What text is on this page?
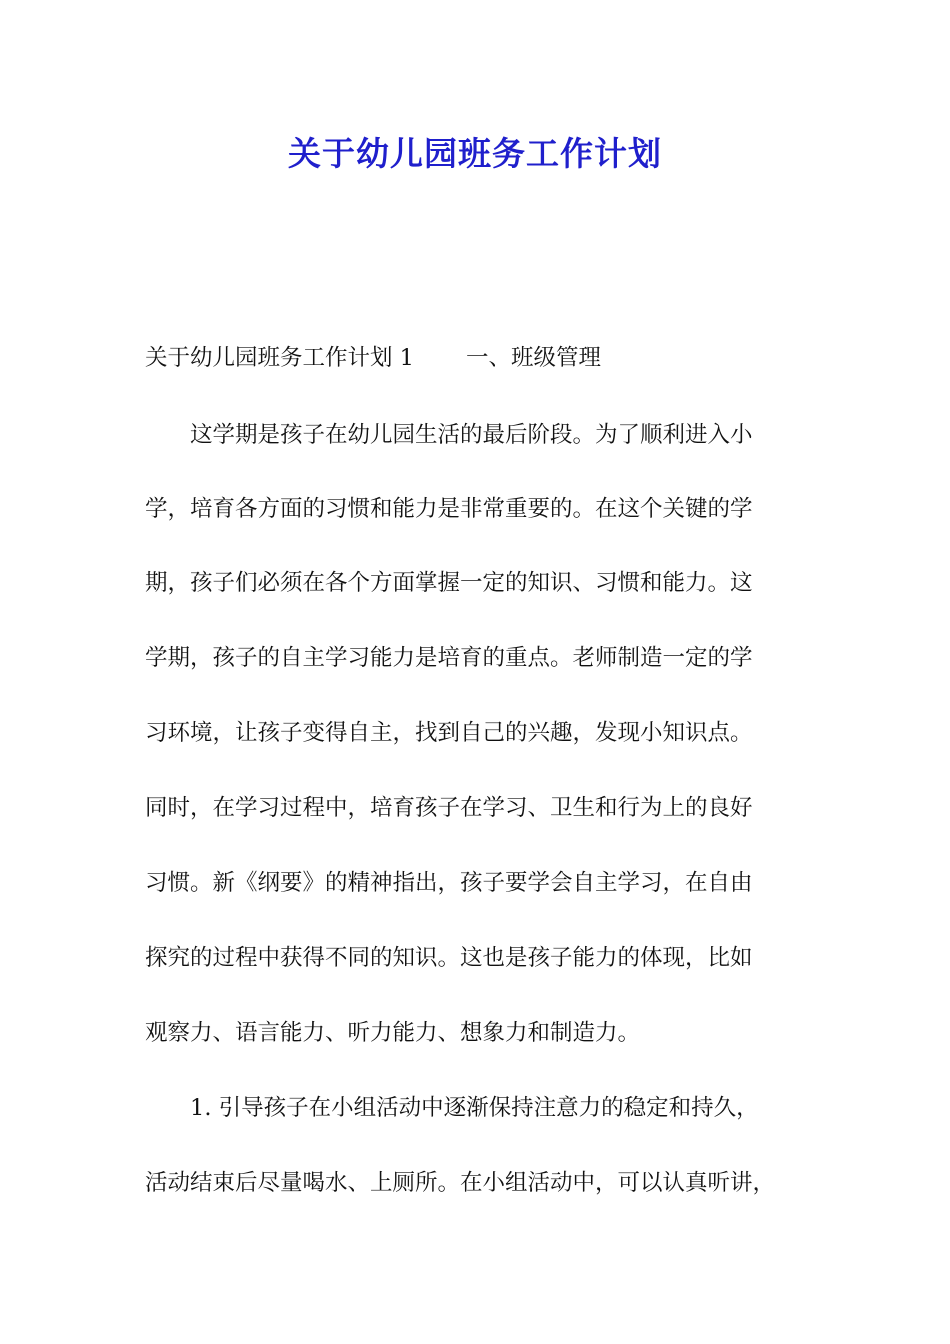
关于幼儿园班务工作计划
关于幼儿园班务工作计划 1 一、班级管理
　　这学期是孩子在幼儿园生活的最后阶段。为了顺利进入小
学，培育各方面的习惯和能力是非常重要的。在这个关键的学
期，孩子们必须在各个方面掌握一定的知识、习惯和能力。这
学期，孩子的自主学习能力是培育的重点。老师制造一定的学
习环境，让孩子变得自主，找到自己的兴趣，发现小知识点。
同时，在学习过程中，培育孩子在学习、卫生和行为上的良好
习惯。新《纲要》的精神指出，孩子要学会自主学习，在自由
探究的过程中获得不同的知识。这也是孩子能力的体现，比如
观察力、语言能力、听力能力、想象力和制造力。
　　1. 引导孩子在小组活动中逐渐保持注意力的稳定和持久，
活动结束后尽量喝水、上厕所。在小组活动中，可以认真听讲，
